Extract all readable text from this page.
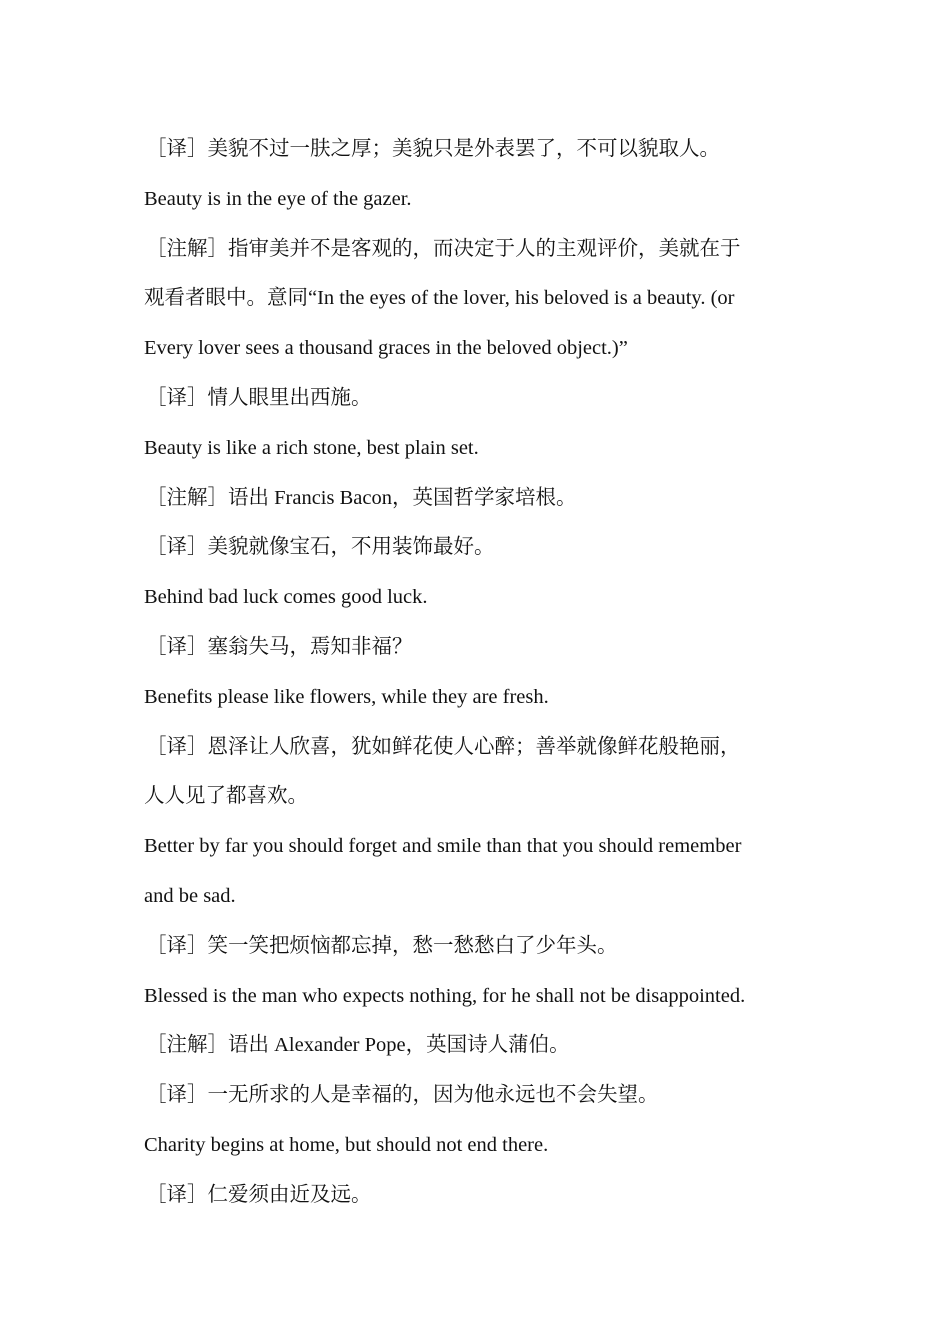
［译］美貌不过一肤之厚；美貌只是外表罢了，不可以貌取人。
Beauty is in the eye of the gazer.
［注解］指审美并不是客观的，而决定于人的主观评价，美就在于
观看者眼中。意同“In the eyes of the lover, his beloved is a beauty. (or
Every lover sees a thousand graces in the beloved object.)”
［译］情人眼里出西施。
Beauty is like a rich stone, best plain set.
［注解］语出 Francis Bacon，英国哲学家培根。
［译］美貌就像宝石，不用装饰最好。
Behind bad luck comes good luck.
［译］塞翁失马，焉知非福？
Benefits please like flowers, while they are fresh.
［译］恩泽让人欣喜，犹如鲜花使人心醉；善举就像鲜花般艳丽，
人人见了都喜欢。
Better by far you should forget and smile than that you should remember
and be sad.
［译］笑一笑把烦恼都忘掉，愁一愁愁白了少年头。
Blessed is the man who expects nothing, for he shall not be disappointed.
［注解］语出 Alexander Pope，英国诗人蒲伯。
［译］一无所求的人是幸福的，因为他永远也不会失望。
Charity begins at home, but should not end there.
［译］仁爱须由近及远。
